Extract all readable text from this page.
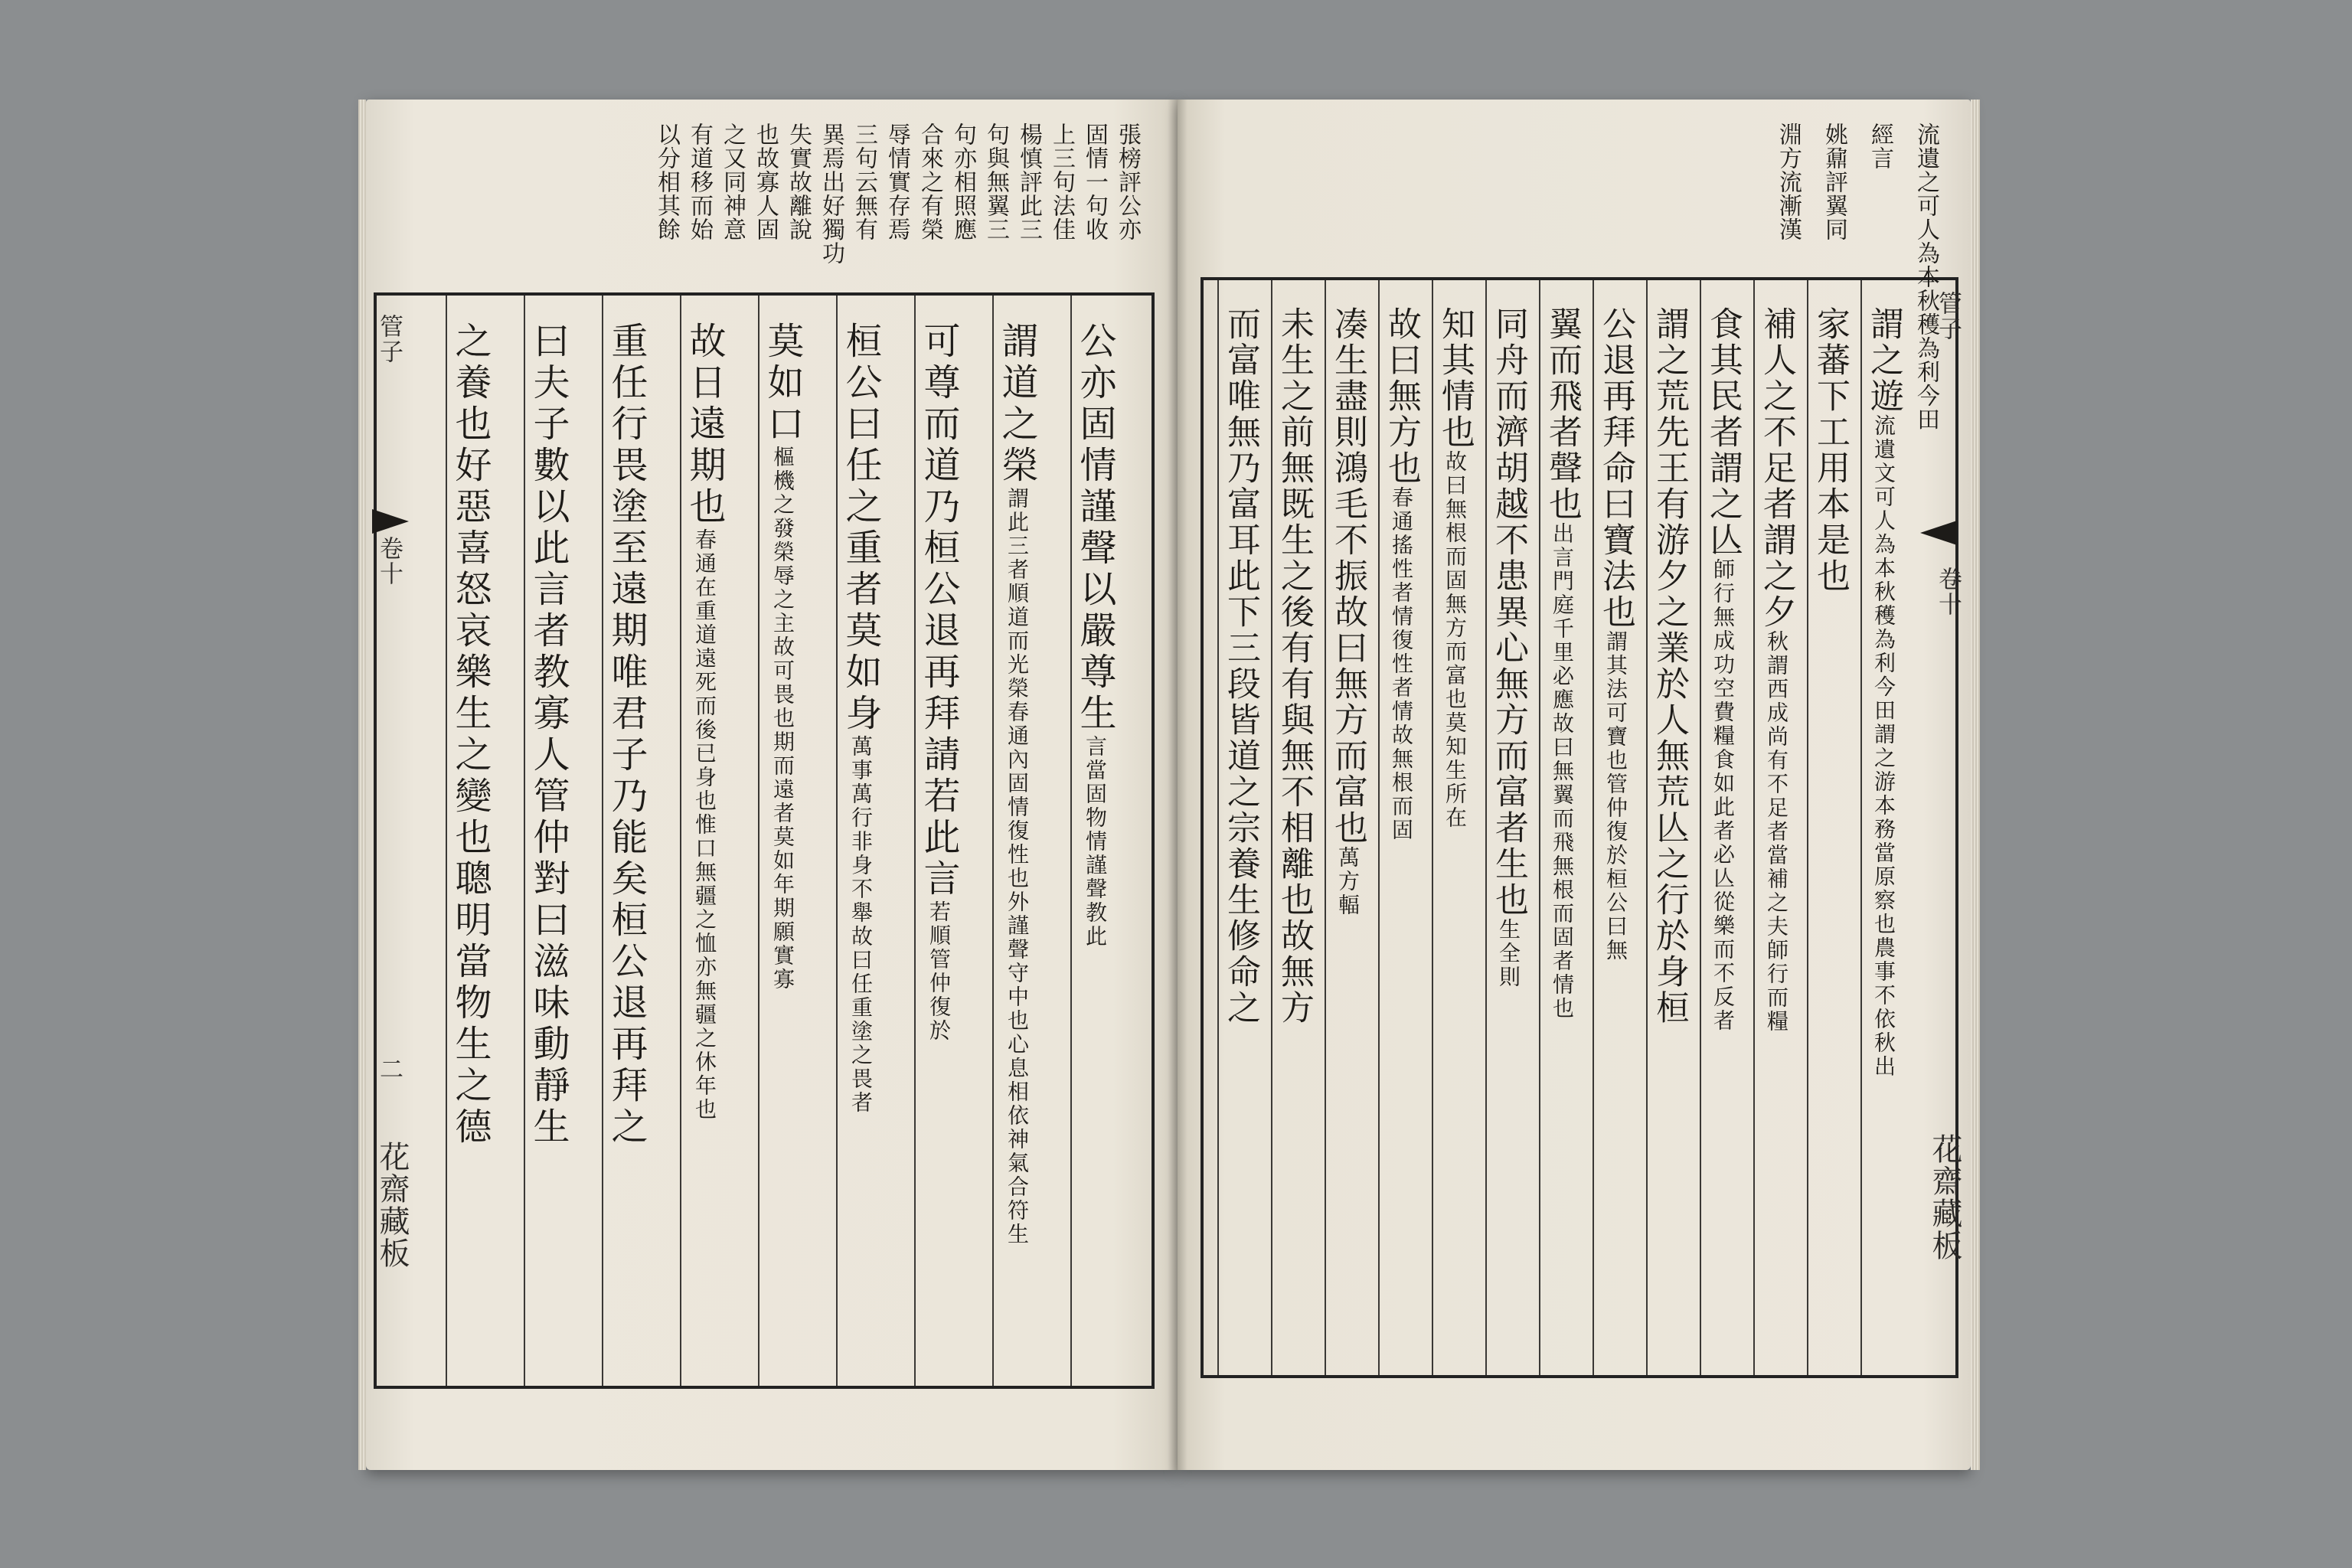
張榜評公亦
固情一句收
上三句法佳
楊慎評此三
句與無翼三
句亦相照應
合來之有榮
辱情實存焉
三句云無有
異焉出好獨功
失實故離說
也故寡人固
之又同神意
有道移而始
以分相其餘
公亦固情謹聲以嚴尊生言當固物情謹聲教此
謂道之榮謂此三者順道而光榮春通內固情復性也外謹聲守中也心息相依神氣合符生
可尊而道乃桓公退再拜請若此言若順管仲復於
桓公曰任之重者莫如身萬事萬行非身不舉故曰任重塗之畏者
莫如口樞機之發榮辱之主故可畏也期而遠者莫如年期願實寡
故日遠期也春通在重道遠死而後已身也惟口無疆之恤亦無疆之休年也
重任行畏塗至遠期唯君子乃能矣桓公退再拜之
曰夫子數以此言者教寡人管仲對曰滋味動靜生
之養也好惡喜怒哀樂生之變也聰明當物生之德
管子
卷十
二
花齋藏板
流遺之可人為本秋穫為利今田
經言
姚鼐評翼同
淵方流漸漢
謂之遊流遺文可人為本秋穫為利今田謂之游本務當原察也農事不依秋出
家蕃下工用本是也
補人之不足者謂之夕秋謂西成尚有不足者當補之夫師行而糧
食其民者謂之亾師行無成功空費糧食如此者必亾從樂而不反者
謂之荒先王有游夕之業於人無荒亾之行於身桓
公退再拜命曰寶法也謂其法可寶也管仲復於桓公曰無
翼而飛者聲也出言門庭千里必應故曰無翼而飛無根而固者情也
同舟而濟胡越不患異心無方而富者生也生全則
知其情也故曰無根而固無方而富也莫知生所在
故曰無方也春通搖性者情復性者情故無根而固
凑生盡則鴻毛不振故曰無方而富也萬方輻
未生之前無既生之後有有與無不相離也故無方
而富唯無乃富耳此下三段皆道之宗養生修命之	管子
卷十
花齋藏板
